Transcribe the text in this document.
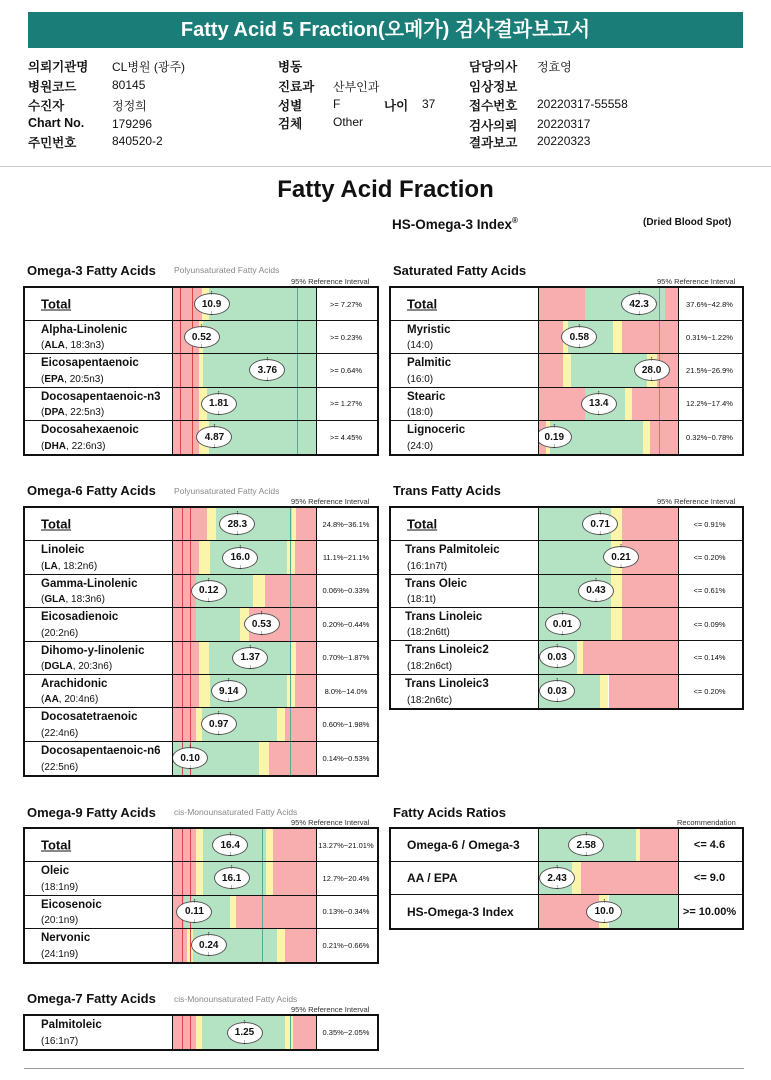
Fatty Acid 5 Fraction(오메가) 검사결과보고서
의뢰기관명 CL병원 (광주)
병원코드	80145
수진자	정정희
Chart No. 179296
주민번호	840520-2
병동
진료과 산부인과
성별	F	나이 37
검체	Other
담당의사 정효영
임상정보
접수번호 20220317-55558
검사의뢰 20220317
결과보고 20220323
Fatty Acid Fraction
HS-Omega-3 Index®	(Dried Blood Spot)
Omega-3 Fatty Acids Polyunsaturated Fatty Acids
95% Reference Interval
Total	↑ 10.9 ↓	>= 7.27%
Alpha-Linolenic
(ALA, 18:3n3)
↑ 0.52 ↓	>= 0.23%
Eicosapentaenoic
(EPA, 20:5n3)
↑ 3.76 ↓	>= 0.64%
Docosapentaenoic-n3
(DPA, 22:5n3)
↑ 1.81 ↓	>= 1.27%
Docosahexaenoic
(DHA, 22:6n3)
↑ 4.87 ↓	>= 4.45%
Saturated Fatty Acids
95% Reference Interval
Total	↑ 42.3 ↓	37.6%~42.8%
Myristic
(14:0)
↑ 0.58 ↓	0.31%~1.22%
Palmitic
(16:0)
↑ 28.0 ↓	21.5%~26.9%
Stearic
(18:0)
↑ 13.4 ↓	12.2%~17.4%
Lignoceric
(24:0)
↑ 0.19 ↓	0.32%~0.78%
Omega-6 Fatty Acids Polyunsaturated Fatty Acids
95% Reference Interval
Total	↑ 28.3 ↓	24.8%~36.1%
Linoleic
(LA, 18:2n6)
↑ 16.0 ↓	11.1%~21.1%
Gamma-Linolenic
(GLA, 18:3n6)
↑ 0.12 ↓	0.06%~0.33%
Eicosadienoic
(20:2n6)
↑ 0.53 ↓	0.20%~0.44%
Dihomo-y-linolenic
(DGLA, 20:3n6)
↑ 1.37 ↓	0.70%~1.87%
Arachidonic
(AA, 20:4n6)
↑ 9.14 ↓	8.0%~14.0%
Docosatetraenoic
(22:4n6)
↑ 0.97 ↓	0.60%~1.98%
Docosapentaenoic-n6
(22:5n6)
↑ 0.10 ↓	0.14%~0.53%
Trans Fatty Acids
95% Reference Interval
Total	↑ 0.71 ↓	<= 0.91%
Trans Palmitoleic
(16:1n7t)
↑ 0.21 ↓	<= 0.20%
Trans Oleic
(18:1t)
↑ 0.43 ↓	<= 0.61%
Trans Linoleic
(18:2n6tt)
↑ 0.01 ↓	<= 0.09%
Trans Linoleic2
(18:2n6ct)
↑ 0.03 ↓	<= 0.14%
Trans Linoleic3
(18:2n6tc)
↑ 0.03 ↓	<= 0.20%
Omega-9 Fatty Acids cis-Monounsaturated Fatty Acids
95% Reference Interval
Total	↑ 16.4 ↓	13.27%~21.01%
Oleic
(18:1n9)
↑ 16.1 ↓	12.7%~20.4%
Eicosenoic
(20:1n9)
↑ 0.11 ↓	0.13%~0.34%
Nervonic
(24:1n9)
↑ 0.24 ↓	0.21%~0.66%
Fatty Acids Ratios
Recommendation
Omega-6 / Omega-3	↑ 2.58 ↓	<= 4.6
AA / EPA	↑ 2.43 ↓	<= 9.0
HS-Omega-3 Index	↑ 10.0 ↓	>= 10.00%
Omega-7 Fatty Acids cis-Monounsaturated Fatty Acids
95% Reference Interval
Palmitoleic
(16:1n7)
↑ 1.25 ↓	0.35%~2.05%
